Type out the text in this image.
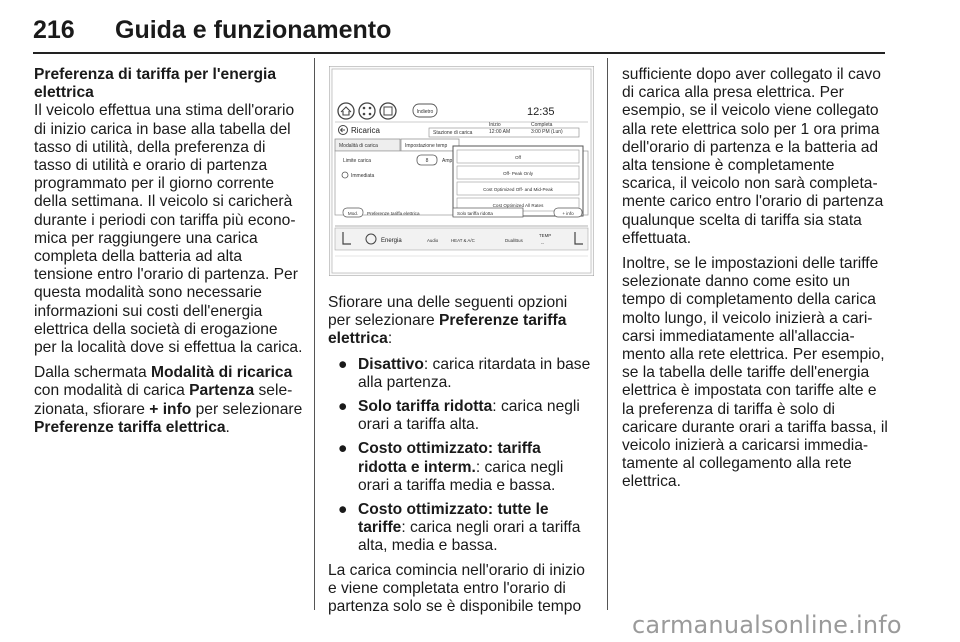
216 Guida e funzionamento

Preferenza di tariffa per l'energia elettrica

Il veicolo effettua una stima dell'orario di inizio carica in base alla tabella del tasso di utilità, della preferenza di tasso di utilità e orario di partenza programmato per il giorno corrente della settimana. Il veicolo si caricherà durante i periodi con tariffa più economica per raggiungere una carica completa della batteria ad alta tensione entro l'orario di partenza. Per questa modalità sono necessarie informazioni sui costi dell'energia elettrica della società di erogazione per la località dove si effettua la carica.

Dalla schermata Modalità di ricarica con modalità di carica Partenza selezionata, sfiorare + info per selezionare Preferenze tariffa elettrica.

Indietro	12:35
Ricarica	Stazione di carica
Inizio
12:00 AM
Completa
3:00 PM (Lun)
Modalità di carica	Impostazione temp
Limite carica	8	Amp
Immediata
Off
Off- Peak Only
Cost Optimized Off- and Mid-Peak
Cost Optimized All Rates
Mod. Preferenze tariffa elettrica	Solo tariffa ridotta	+ info
Energia	Audio	HEAT & A/C	Dual/Bus
TEMP
--

Sfiorare una delle seguenti opzioni per selezionare Preferenze tariffa elettrica:

● Disattivo: carica ritardata in base alla partenza.
● Solo tariffa ridotta: carica negli orari a tariffa alta.
● Costo ottimizzato: tariffa ridotta e interm.: carica negli orari a tariffa media e bassa.
● Costo ottimizzato: tutte le tariffe: carica negli orari a tariffa alta, media e bassa.

La carica comincia nell'orario di inizio e viene completata entro l'orario di partenza solo se è disponibile tempo

sufficiente dopo aver collegato il cavo di carica alla presa elettrica. Per esempio, se il veicolo viene collegato alla rete elettrica solo per 1 ora prima dell'orario di partenza e la batteria ad alta tensione è completamente scarica, il veicolo non sarà completamente carico entro l'orario di partenza qualunque scelta di tariffa sia stata effettuata.

Inoltre, se le impostazioni delle tariffe selezionate danno come esito un tempo di completamento della carica molto lungo, il veicolo inizierà a caricarsi immediatamente all'allacciamento alla rete elettrica. Per esempio, se la tabella delle tariffe dell'energia elettrica è impostata con tariffe alte e la preferenza di tariffa è solo di caricare durante orari a tariffa bassa, il veicolo inizierà a caricarsi immediatamente al collegamento alla rete elettrica.

carmanualsonline.info
